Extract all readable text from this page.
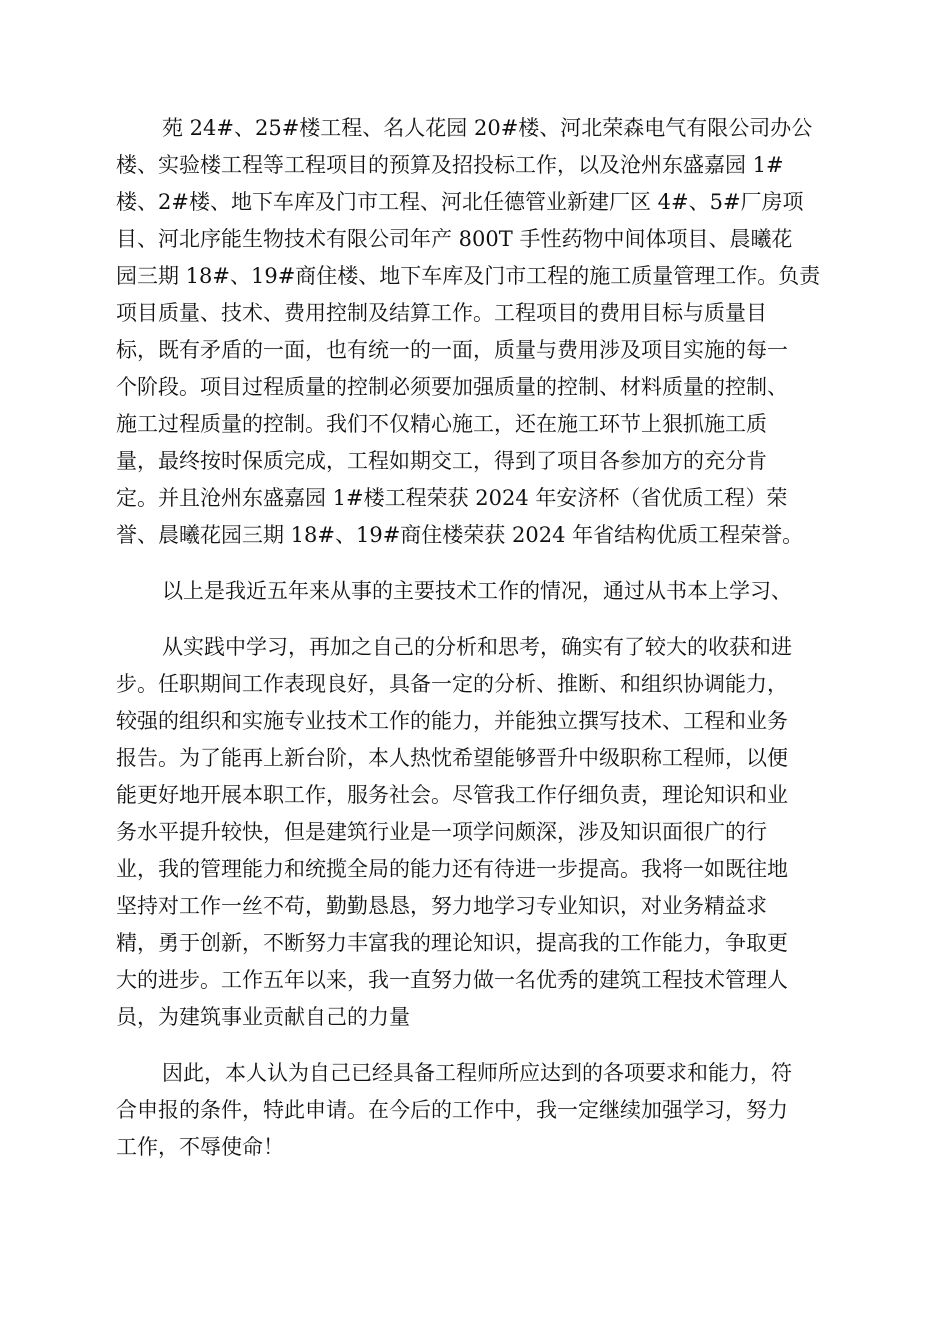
苑 24#、25#楼工程、名人花园 20#楼、河北荣森电气有限公司办公
楼、实验楼工程等工程项目的预算及招投标工作，以及沧州东盛嘉园 1#
楼、2#楼、地下车库及门市工程、河北任德管业新建厂区 4#、5#厂房项
目、河北序能生物技术有限公司年产 800T 手性药物中间体项目、晨曦花
园三期 18#、19#商住楼、地下车库及门市工程的施工质量管理工作。负责
项目质量、技术、费用控制及结算工作。工程项目的费用目标与质量目
标，既有矛盾的一面，也有统一的一面，质量与费用涉及项目实施的每一
个阶段。项目过程质量的控制必须要加强质量的控制、材料质量的控制、
施工过程质量的控制。我们不仅精心施工，还在施工环节上狠抓施工质
量，最终按时保质完成，工程如期交工，得到了项目各参加方的充分肯
定。并且沧州东盛嘉园 1#楼工程荣获 2024 年安济杯（省优质工程）荣
誉、晨曦花园三期 18#、19#商住楼荣获 2024 年省结构优质工程荣誉。
以上是我近五年来从事的主要技术工作的情况，通过从书本上学习、
从实践中学习，再加之自己的分析和思考，确实有了较大的收获和进
步。任职期间工作表现良好，具备一定的分析、推断、和组织协调能力，
较强的组织和实施专业技术工作的能力，并能独立撰写技术、工程和业务
报告。为了能再上新台阶，本人热忱希望能够晋升中级职称工程师，以便
能更好地开展本职工作，服务社会。尽管我工作仔细负责，理论知识和业
务水平提升较快，但是建筑行业是一项学问颇深，涉及知识面很广的行
业，我的管理能力和统揽全局的能力还有待进一步提高。我将一如既往地
坚持对工作一丝不苟，勤勤恳恳，努力地学习专业知识，对业务精益求
精，勇于创新，不断努力丰富我的理论知识，提高我的工作能力，争取更
大的进步。工作五年以来，我一直努力做一名优秀的建筑工程技术管理人
员，为建筑事业贡献自己的力量
因此，本人认为自己已经具备工程师所应达到的各项要求和能力，符
合申报的条件，特此申请。在今后的工作中，我一定继续加强学习，努力
工作，不辱使命！
